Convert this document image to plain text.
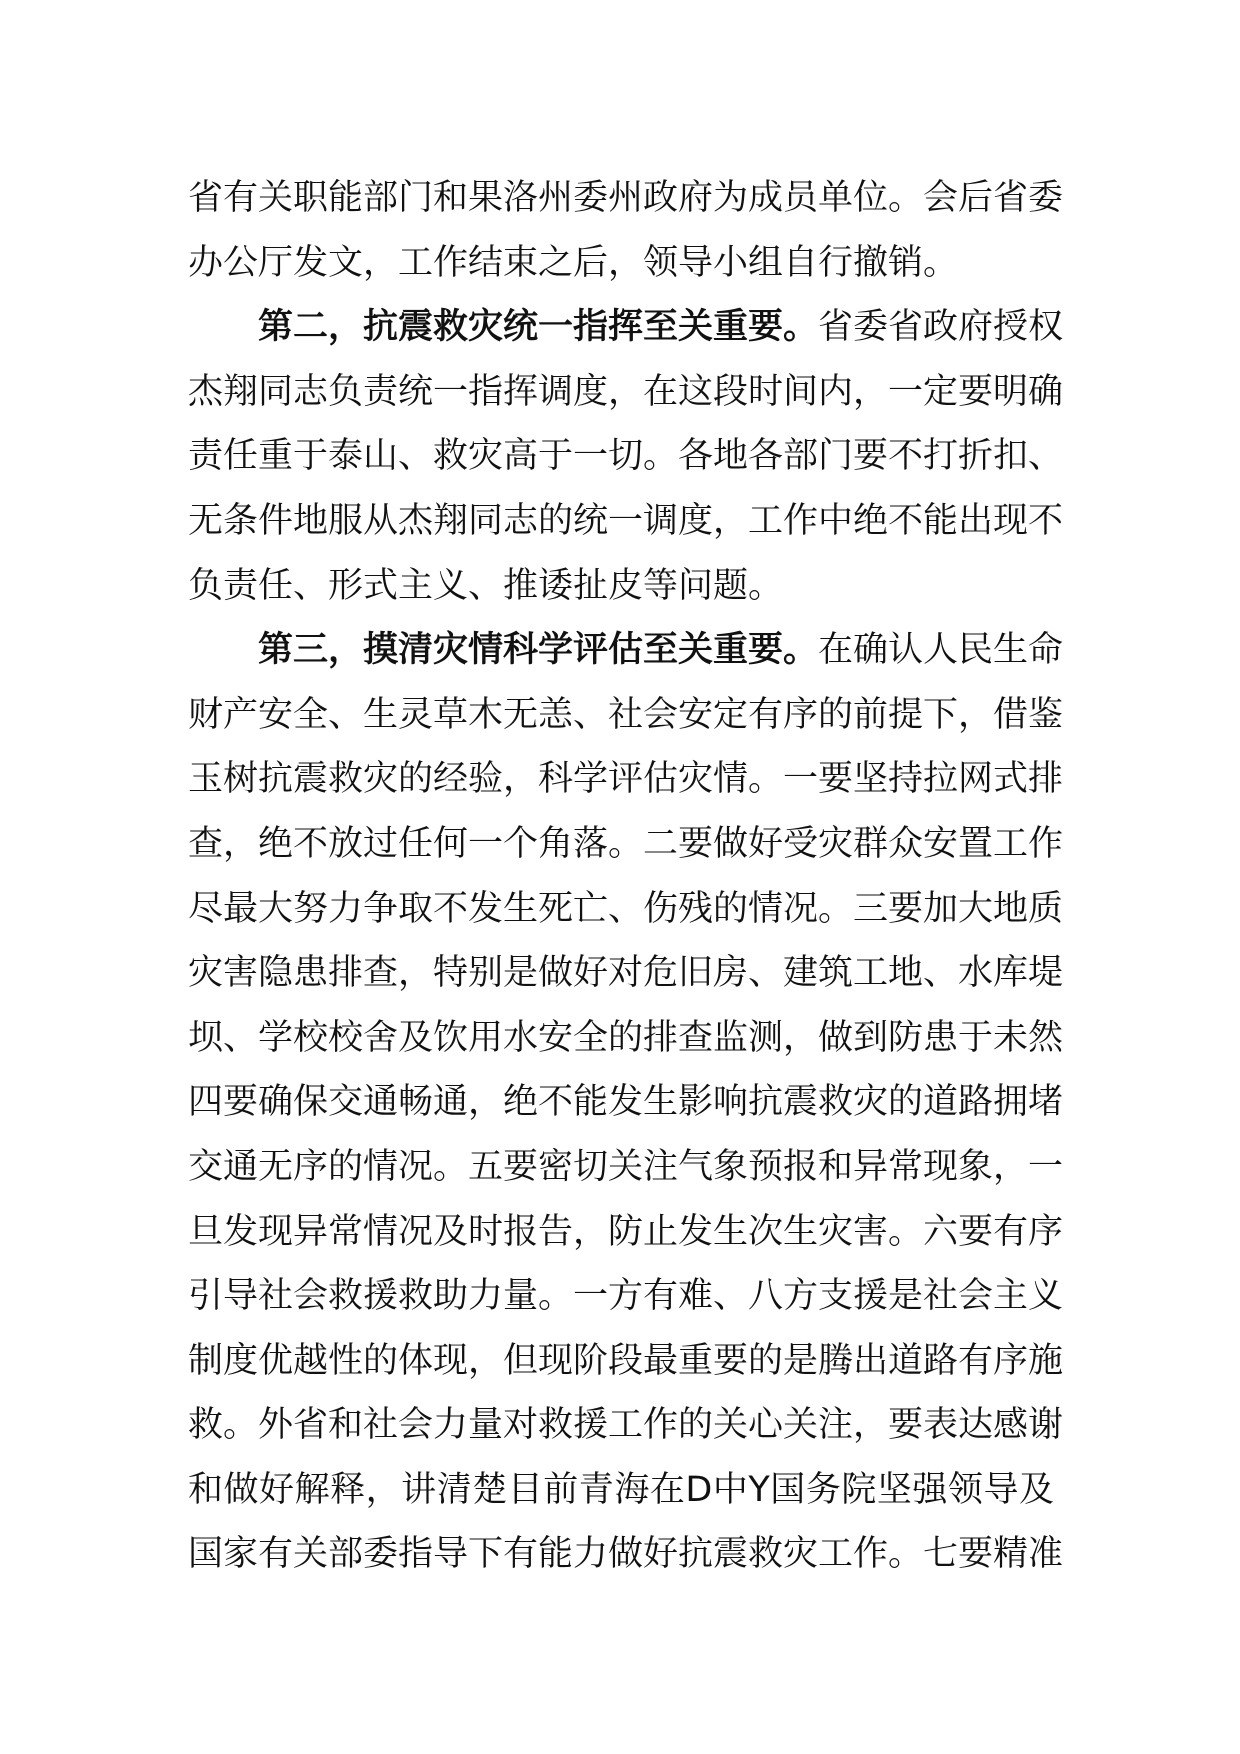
省有关职能部门和果洛州委州政府为成员单位。会后省委
办公厅发文，工作结束之后，领导小组自行撤销。
第二，抗震救灾统一指挥至关重要。省委省政府授权
杰翔同志负责统一指挥调度，在这段时间内，一定要明确
责任重于泰山、救灾高于一切。各地各部门要不打折扣、
无条件地服从杰翔同志的统一调度，工作中绝不能出现不
负责任、形式主义、推诿扯皮等问题。
第三，摸清灾情科学评估至关重要。在确认人民生命
财产安全、生灵草木无恙、社会安定有序的前提下，借鉴
玉树抗震救灾的经验，科学评估灾情。一要坚持拉网式排
查，绝不放过任何一个角落。二要做好受灾群众安置工作
尽最大努力争取不发生死亡、伤残的情况。三要加大地质
灾害隐患排查，特别是做好对危旧房、建筑工地、水库堤
坝、学校校舍及饮用水安全的排查监测，做到防患于未然
四要确保交通畅通，绝不能发生影响抗震救灾的道路拥堵
交通无序的情况。五要密切关注气象预报和异常现象，一
旦发现异常情况及时报告，防止发生次生灾害。六要有序
引导社会救援救助力量。一方有难、八方支援是社会主义
制度优越性的体现，但现阶段最重要的是腾出道路有序施
救。外省和社会力量对救援工作的关心关注，要表达感谢
和做好解释，讲清楚目前青海在D中Y国务院坚强领导及
国家有关部委指导下有能力做好抗震救灾工作。七要精准
